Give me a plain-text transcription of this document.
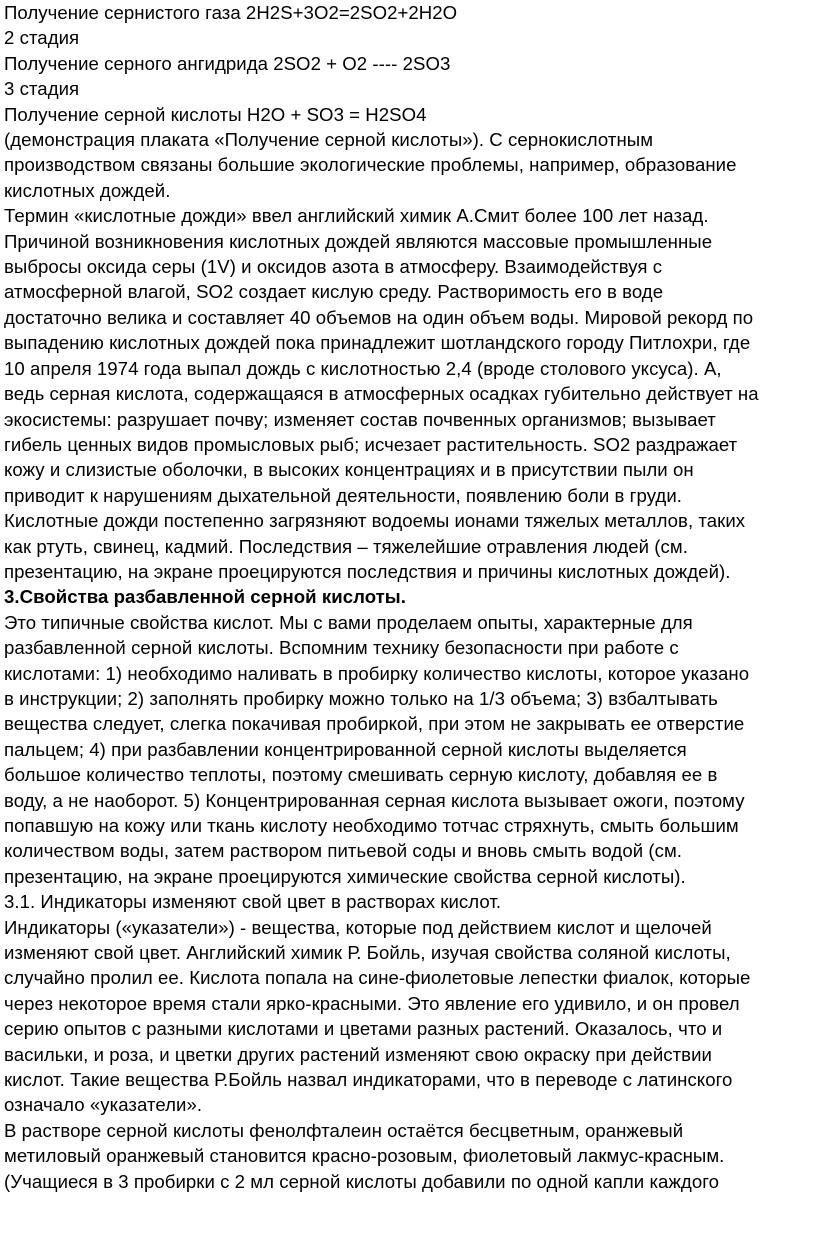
Получение сернистого газа 2H2S+3O2=2SO2+2H2O

2 стадия

Получение серного ангидрида 2SO2 + O2 ---- 2SO3

3 стадия

Получение серной кислоты H2O + SO3 = H2SO4

(демонстрация плаката «Получение серной кислоты»). С сернокислотным

производством связаны большие экологические проблемы, например, образование

кислотных дождей.

Термин «кислотные дожди» ввел английский химик А.Смит более 100 лет назад.

Причиной возникновения кислотных дождей являются массовые промышленные

выбросы оксида серы (1V) и оксидов азота в атмосферу. Взаимодействуя с

атмосферной влагой, SO2 создает кислую среду. Растворимость его в воде

достаточно велика и составляет 40 объемов на один объем воды. Мировой рекорд по

выпадению кислотных дождей пока принадлежит шотландского городу Питлохри, где

10 апреля 1974 года выпал дождь с кислотностью 2,4 (вроде столового уксуса). А,

ведь серная кислота, содержащаяся в атмосферных осадках губительно действует на

экосистемы: разрушает почву; изменяет состав почвенных организмов; вызывает

гибель ценных видов промысловых рыб; исчезает растительность. SO2 раздражает

кожу и слизистые оболочки, в высоких концентрациях и в присутствии пыли он

приводит к нарушениям дыхательной деятельности, появлению боли в груди.

Кислотные дожди постепенно загрязняют водоемы ионами тяжелых металлов, таких

как ртуть, свинец, кадмий. Последствия – тяжелейшие отравления людей (см.

презентацию, на экране проецируются последствия и причины кислотных дождей).

3.Свойства разбавленной серной кислоты.

Это типичные свойства кислот. Мы с вами проделаем опыты, характерные для

разбавленной серной кислоты. Вспомним технику безопасности при работе с

кислотами: 1) необходимо наливать в пробирку количество кислоты, которое указано

в инструкции; 2) заполнять пробирку можно только на 1/3 объема; 3) взбалтывать

вещества следует, слегка покачивая пробиркой, при этом не закрывать ее отверстие

пальцем; 4) при разбавлении концентрированной серной кислоты выделяется

большое количество теплоты, поэтому смешивать серную кислоту, добавляя ее в

воду, а не наоборот. 5) Концентрированная серная кислота вызывает ожоги, поэтому

попавшую на кожу или ткань кислоту необходимо тотчас стряхнуть, смыть большим

количеством воды, затем раствором питьевой соды и вновь смыть водой (см.

презентацию, на экране проецируются химические свойства серной кислоты).

3.1. Индикаторы изменяют свой цвет в растворах кислот.

Индикаторы («указатели») - вещества, которые под действием кислот и щелочей

изменяют свой цвет. Английский химик Р. Бойль, изучая свойства соляной кислоты,

случайно пролил ее. Кислота попала на сине-фиолетовые лепестки фиалок, которые

через некоторое время стали ярко-красными. Это явление его удивило, и он провел

серию опытов с разными кислотами и цветами разных растений. Оказалось, что и

васильки, и роза, и цветки других растений изменяют свою окраску при действии

кислот. Такие вещества Р.Бойль назвал индикаторами, что в переводе с латинского

означало «указатели».

В растворе серной кислоты фенолфталеин остаётся бесцветным, оранжевый

метиловый оранжевый становится красно-розовым, фиолетовый лакмус-красным.

(Учащиеся в 3 пробирки с 2 мл серной кислоты добавили по одной капли каждого
